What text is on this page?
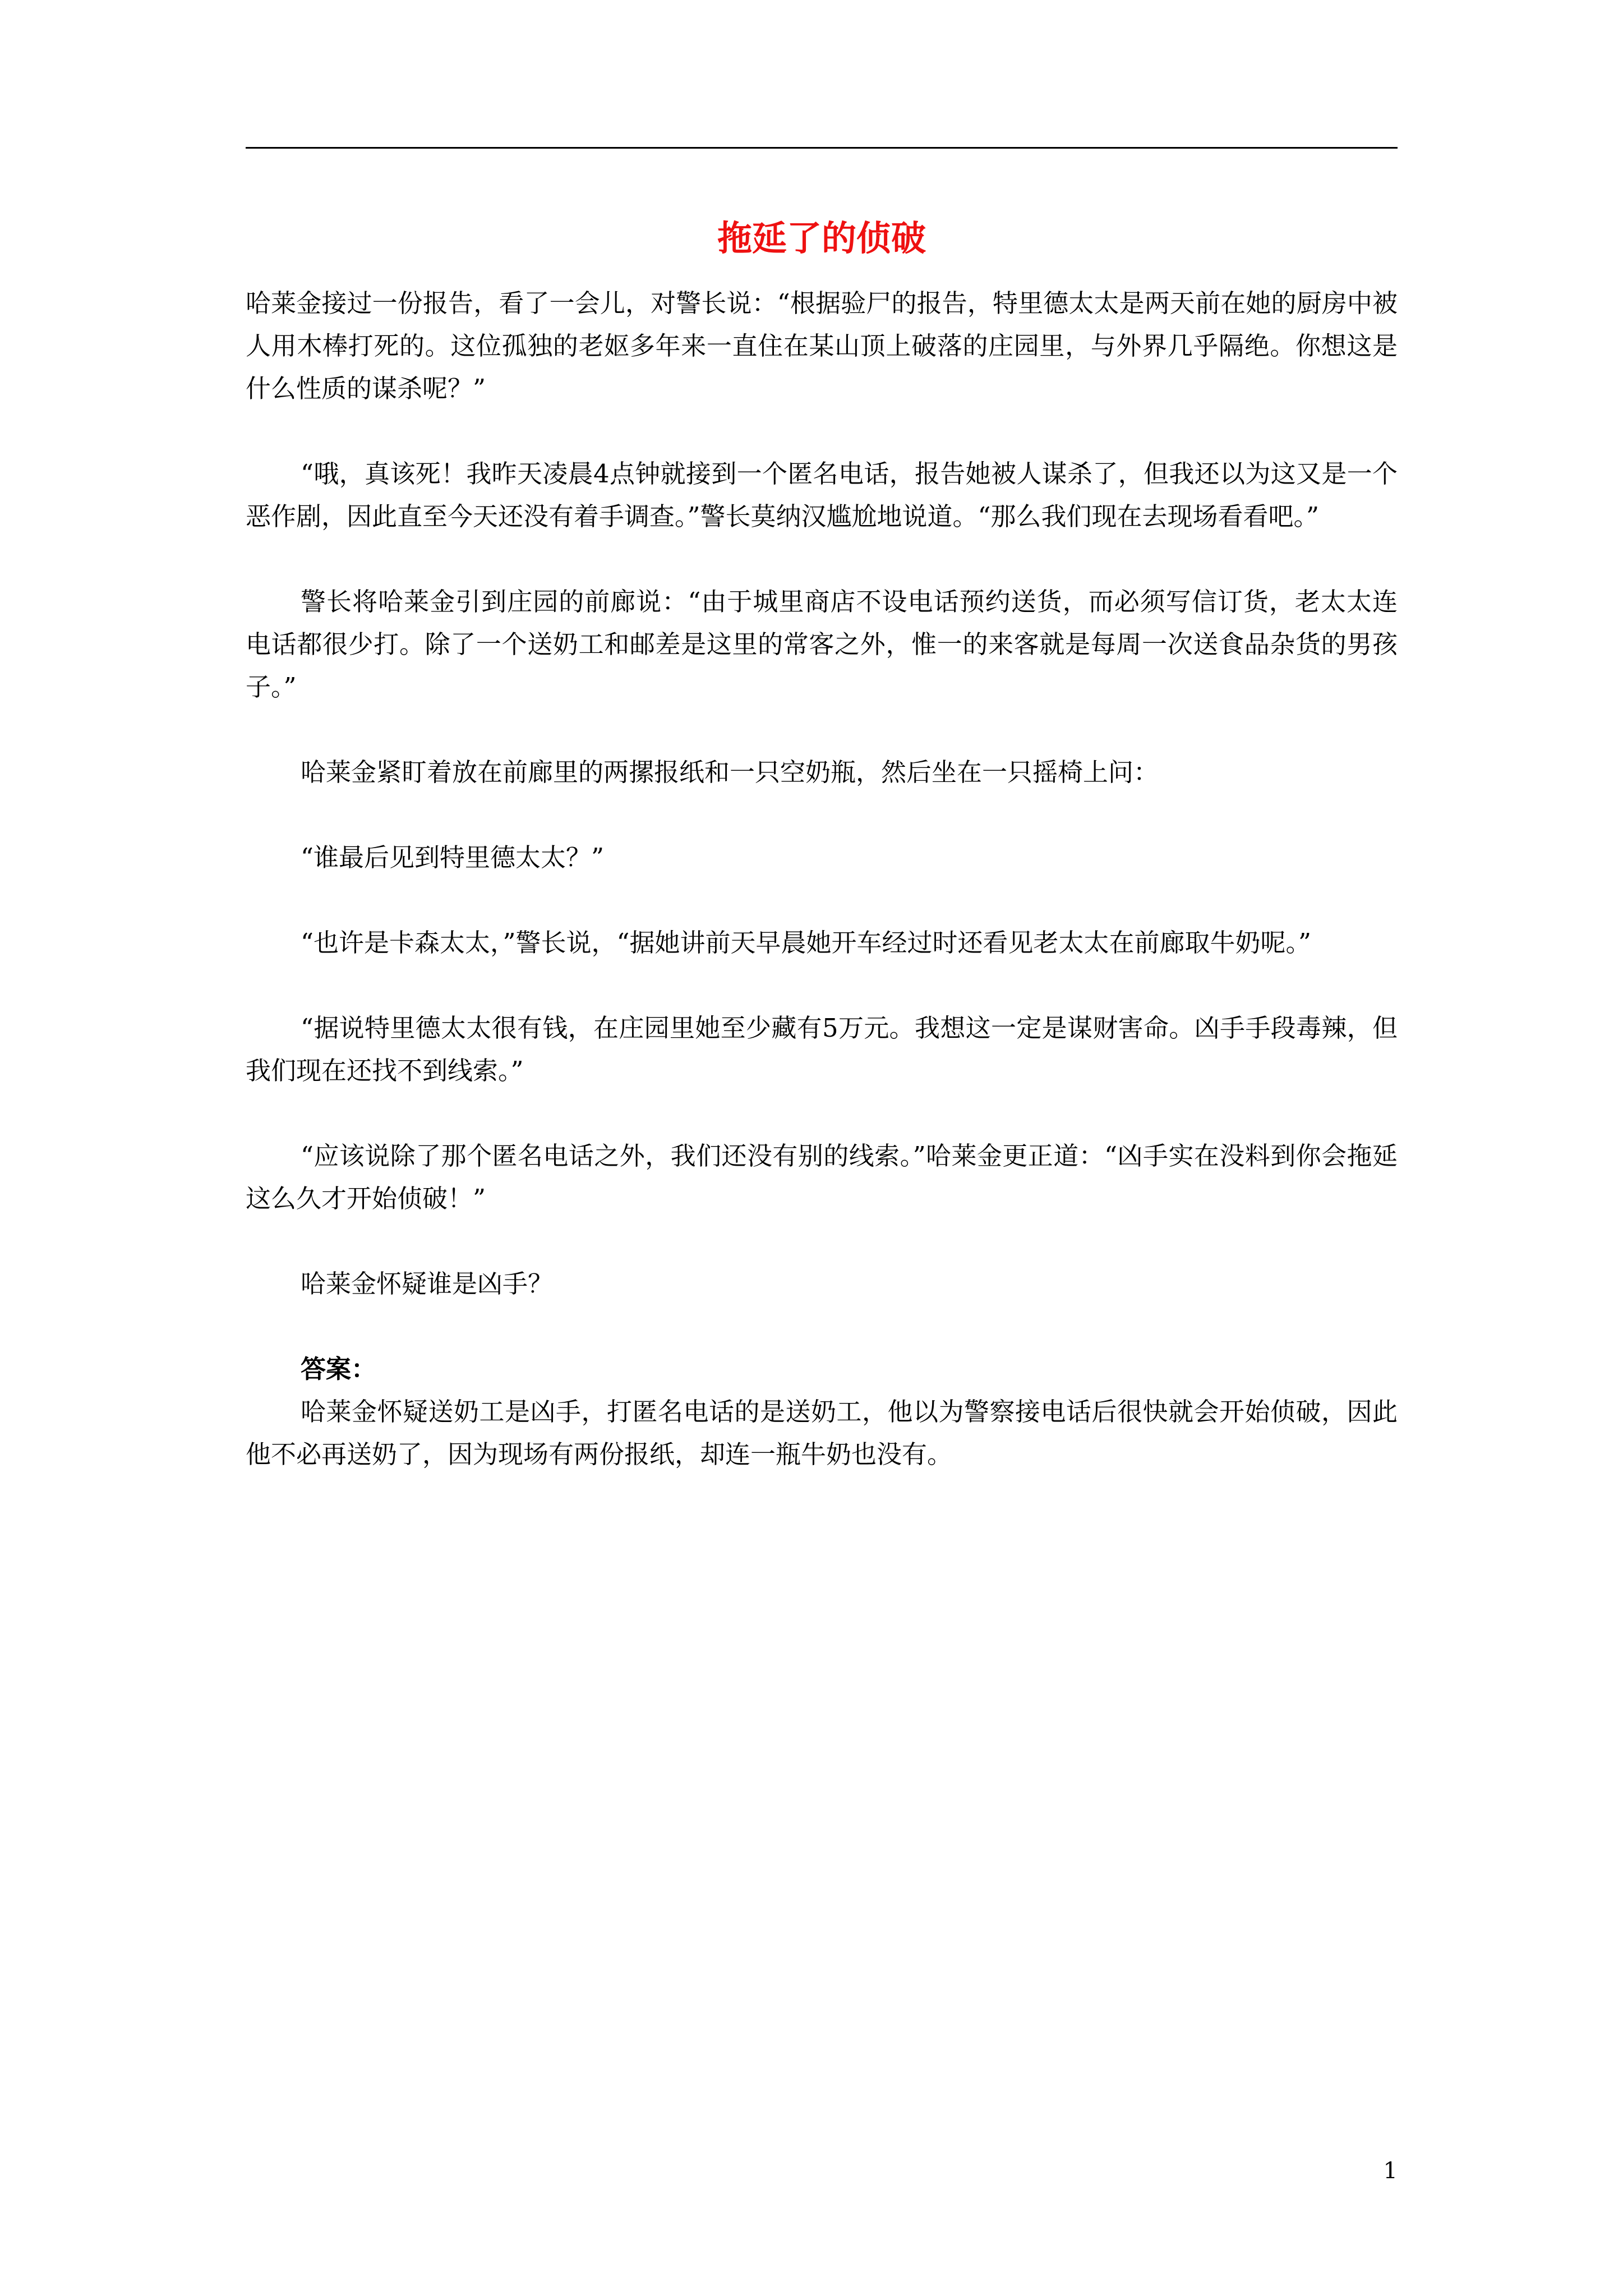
拖延了的侦破

哈莱金接过一份报告，看了一会儿，对警长说：“根据验尸的报告，特里德太太是两天前在她的厨房中被人用木棒打死的。这位孤独的老妪多年来一直住在某山顶上破落的庄园里，与外界几乎隔绝。你想这是什么性质的谋杀呢？”

“哦，真该死！我昨天凌晨4点钟就接到一个匿名电话，报告她被人谋杀了，但我还以为这又是一个恶作剧，因此直至今天还没有着手调查。”警长莫纳汉尴尬地说道。“那么我们现在去现场看看吧。”

警长将哈莱金引到庄园的前廊说：“由于城里商店不设电话预约送货，而必须写信订货，老太太连电话都很少打。除了一个送奶工和邮差是这里的常客之外，惟一的来客就是每周一次送食品杂货的男孩子。”

哈莱金紧盯着放在前廊里的两摞报纸和一只空奶瓶，然后坐在一只摇椅上问：

“谁最后见到特里德太太？”

“也许是卡森太太，”警长说，“据她讲前天早晨她开车经过时还看见老太太在前廊取牛奶呢。”

“据说特里德太太很有钱，在庄园里她至少藏有5万元。我想这一定是谋财害命。凶手手段毒辣，但我们现在还找不到线索。”

“应该说除了那个匿名电话之外，我们还没有别的线索。”哈莱金更正道：“凶手实在没料到你会拖延这么久才开始侦破！”

哈莱金怀疑谁是凶手？

答案：

哈莱金怀疑送奶工是凶手，打匿名电话的是送奶工，他以为警察接电话后很快就会开始侦破，因此他不必再送奶了，因为现场有两份报纸，却连一瓶牛奶也没有。

1
